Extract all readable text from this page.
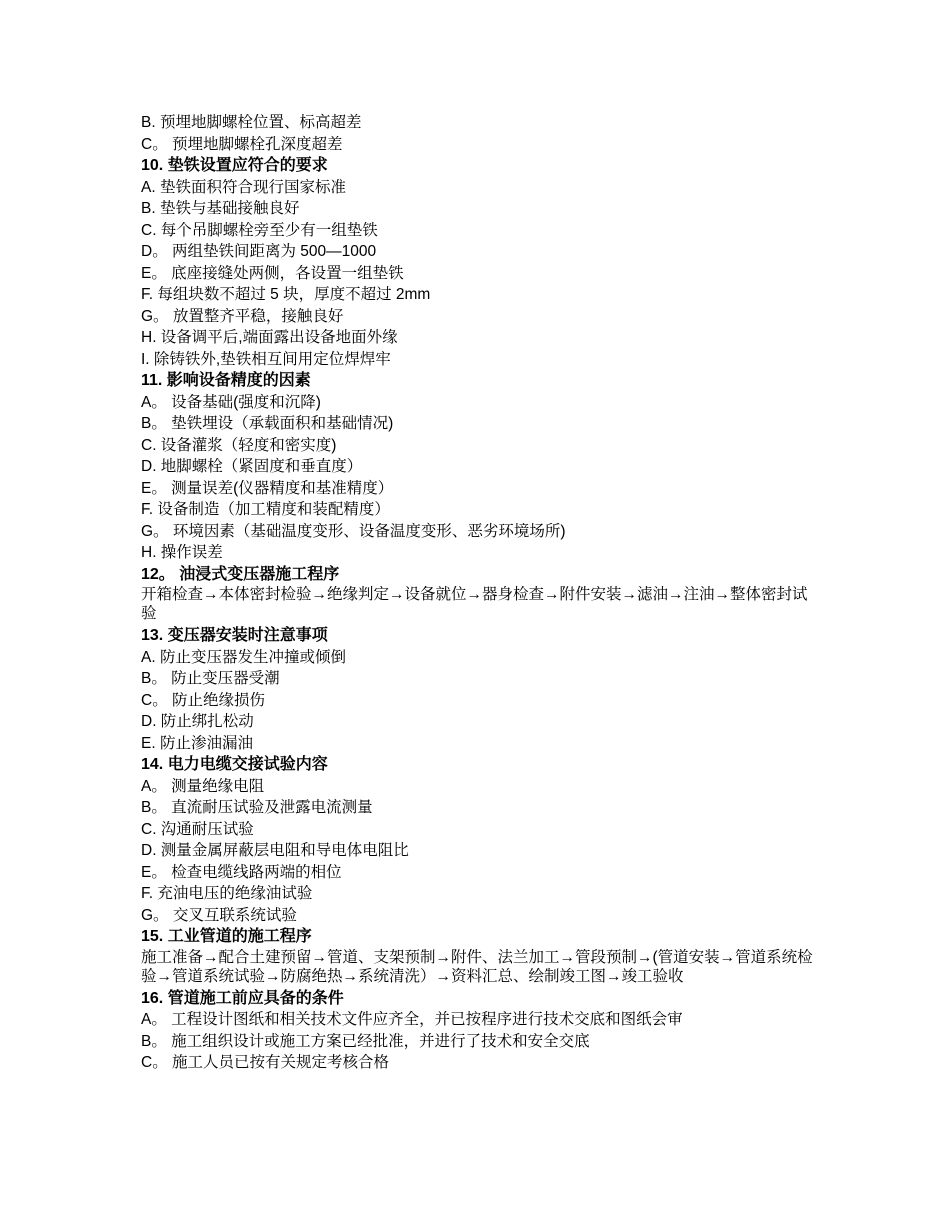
B. 预埋地脚螺栓位置、标高超差
C。 预埋地脚螺栓孔深度超差
10. 垫铁设置应符合的要求
A. 垫铁面积符合现行国家标准
B. 垫铁与基础接触良好
C. 每个吊脚螺栓旁至少有一组垫铁
D。 两组垫铁间距离为 500—1000
E。 底座接缝处两侧，各设置一组垫铁
F. 每组块数不超过 5 块，厚度不超过 2mm
G。 放置整齐平稳，接触良好
H. 设备调平后,端面露出设备地面外缘
I. 除铸铁外,垫铁相互间用定位焊焊牢
11. 影响设备精度的因素
A。 设备基础(强度和沉降)
B。 垫铁埋设（承载面积和基础情况)
C. 设备灌浆（轻度和密实度)
D. 地脚螺栓（紧固度和垂直度）
E。 测量误差(仪器精度和基准精度）
F. 设备制造（加工精度和装配精度）
G。 环境因素（基础温度变形、设备温度变形、恶劣环境场所)
H. 操作误差
12。 油浸式变压器施工程序
开箱检查→本体密封检验→绝缘判定→设备就位→器身检查→附件安装→滤油→注油→整体密封试验
13. 变压器安装时注意事项
A. 防止变压器发生冲撞或倾倒
B。 防止变压器受潮
C。 防止绝缘损伤
D. 防止绑扎松动
E. 防止渗油漏油
14. 电力电缆交接试验内容
A。 测量绝缘电阻
B。 直流耐压试验及泄露电流测量
C. 沟通耐压试验
D. 测量金属屏蔽层电阻和导电体电阻比
E。 检查电缆线路两端的相位
F. 充油电压的绝缘油试验
G。 交叉互联系统试验
15. 工业管道的施工程序
施工准备→配合土建预留→管道、支架预制→附件、法兰加工→管段预制→(管道安装→管道系统检验→管道系统试验→防腐绝热→系统清洗）→资料汇总、绘制竣工图→竣工验收
16. 管道施工前应具备的条件
A。 工程设计图纸和相关技术文件应齐全，并已按程序进行技术交底和图纸会审
B。 施工组织设计或施工方案已经批准，并进行了技术和安全交底
C。 施工人员已按有关规定考核合格
